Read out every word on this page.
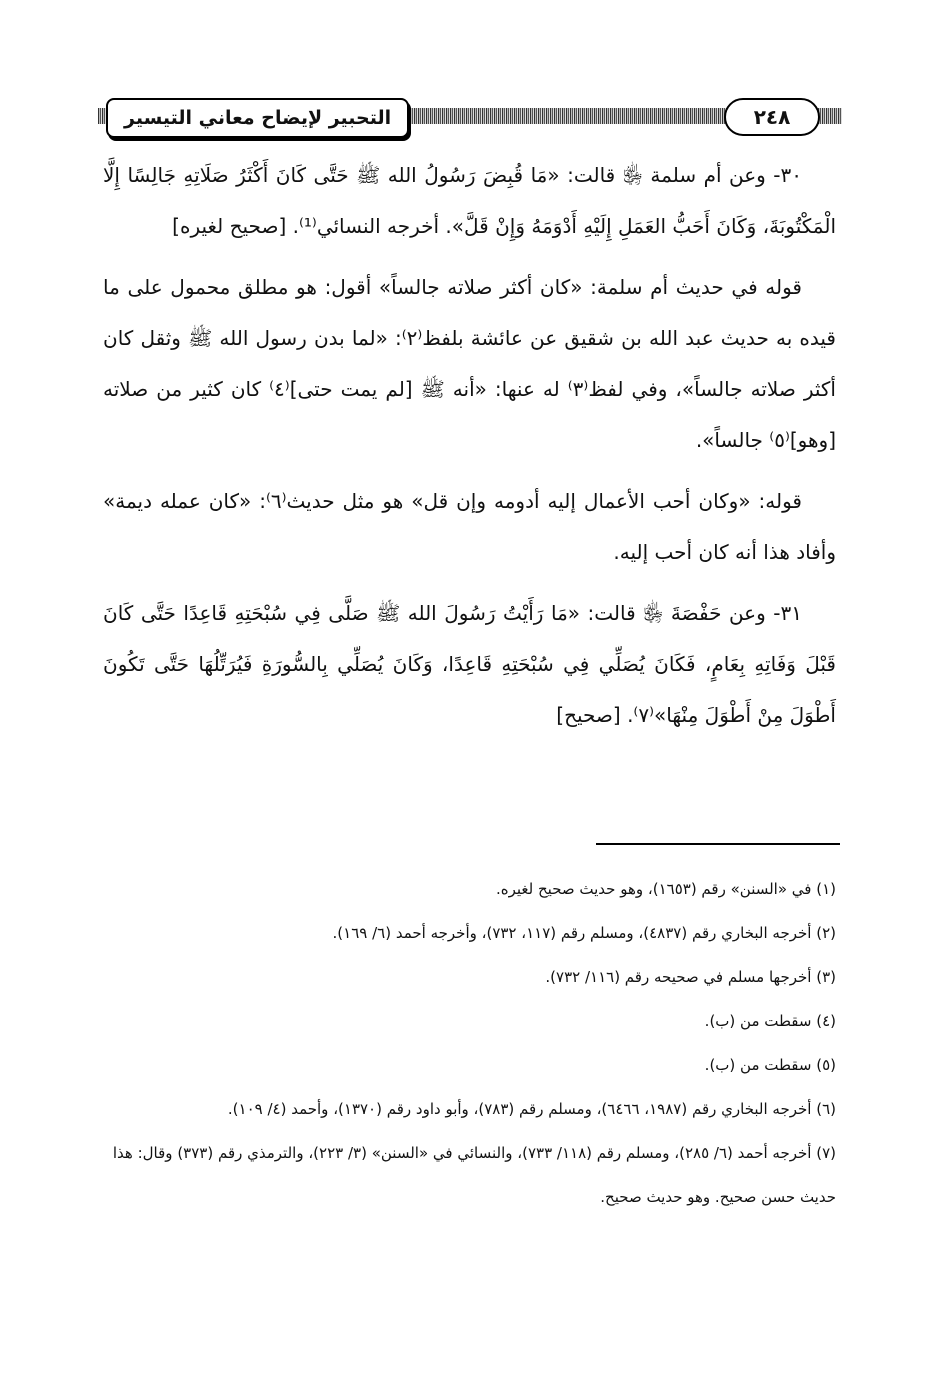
التحبير لإيضاح معاني التيسير	٢٤٨

٣٠- وعن أم سلمة ﵂ قالت: «مَا قُبِضَ رَسُولُ الله ﷺ حَتَّى كَانَ أَكْثَرُ صَلَاتِهِ جَالِسًا إِلَّا الْمَكْتُوبَةَ، وَكَانَ أَحَبُّ العَمَلِ إِلَيْهِ أَدْوَمَهُ وَإِنْ قَلَّ». أخرجه النسائي⁽¹⁾. [صحيح لغيره]

قوله في حديث أم سلمة: «كان أكثر صلاته جالساً» أقول: هو مطلق محمول على ما قيده به حديث عبد الله بن شقيق عن عائشة بلفظ⁽٢⁾: «لما بدن رسول الله ﷺ وثقل كان أكثر صلاته جالساً»، وفي لفظ⁽٣⁾ له عنها: «أنه ﷺ [لم يمت حتى]⁽٤⁾ كان كثير من صلاته [وهو]⁽٥⁾ جالساً».

قوله: «وكان أحب الأعمال إليه أدومه وإن قل» هو مثل حديث⁽٦⁾: «كان عمله ديمة» وأفاد هذا أنه كان أحب إليه.

٣١- وعن حَفْصَةَ ﵂ قالت: «مَا رَأَيْتُ رَسُولَ الله ﷺ صَلَّى فِي سُبْحَتِهِ قَاعِدًا حَتَّى كَانَ قَبْلَ وَفَاتِهِ بِعَامٍ، فَكَانَ يُصَلِّي فِي سُبْحَتِهِ قَاعِدًا، وَكَانَ يُصَلِّي بِالسُّورَةِ فَيُرَتِّلُهَا حَتَّى تَكُونَ أَطْوَلَ مِنْ أَطْوَلَ مِنْهَا»⁽٧⁾. [صحيح]

(١) في «السنن» رقم (١٦٥٣)، وهو حديث صحيح لغيره.

(٢) أخرجه البخاري رقم (٤٨٣٧)، ومسلم رقم (١١٧، ٧٣٢)، وأخرجه أحمد (٦/ ١٦٩).

(٣) أخرجها مسلم في صحيحه رقم (١١٦/ ٧٣٢).

(٤) سقطت من (ب).

(٥) سقطت من (ب).

(٦) أخرجه البخاري رقم (١٩٨٧، ٦٤٦٦)، ومسلم رقم (٧٨٣)، وأبو داود رقم (١٣٧٠)، وأحمد (٤/ ١٠٩).

(٧) أخرجه أحمد (٦/ ٢٨٥)، ومسلم رقم (١١٨/ ٧٣٣)، والنسائي في «السنن» (٣/ ٢٢٣)، والترمذي رقم (٣٧٣) وقال: هذا حديث حسن صحيح. وهو حديث صحيح.
